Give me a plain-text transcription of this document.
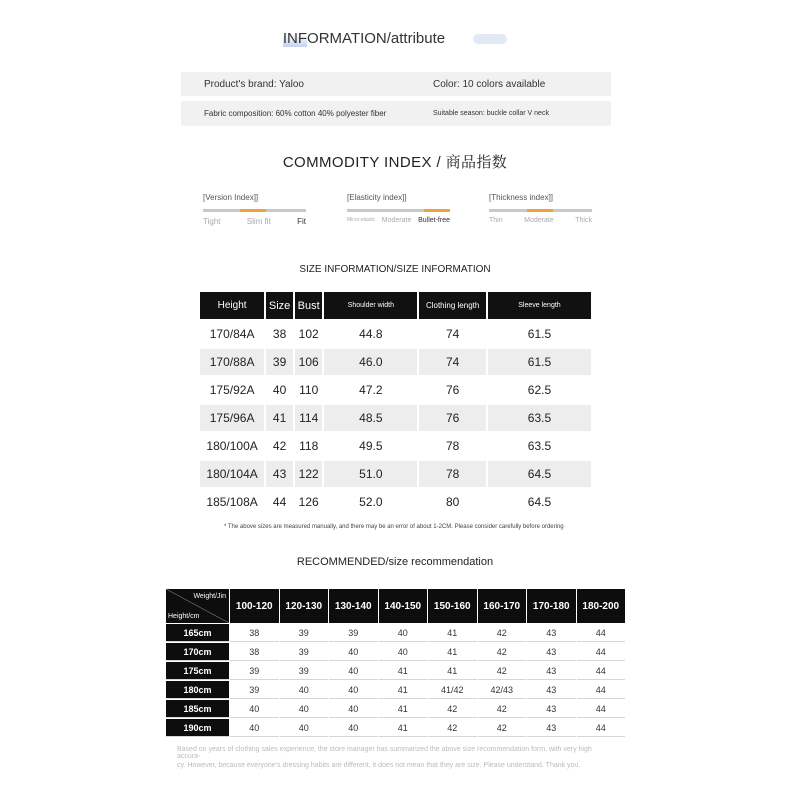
INFORMATION/attribute
Product's brand: Yaloo	Color: 10 colors available
Fabric composition: 60% cotton 40% polyester fiber	Suitable season: buckle collar V neck
COMMODITY INDEX / 商品指数
[Version Index]]
Tight	Slim fit	Fit
[Elasticity index]]
Micro-elastic Moderate Bullet-free
[Thickness index]]
Thin	Moderate	Thick
SIZE INFORMATION/SIZE INFORMATION
Height	Size	Bust	Shoulder width	Clothing length	Sleeve length
170/84A	38	102	44.8	74	61.5
170/88A	39	106	46.0	74	61.5
175/92A	40	110	47.2	76	62.5
175/96A	41	114	48.5	76	63.5
180/100A	42	118	49.5	78	63.5
180/104A	43	122	51.0	78	64.5
185/108A	44	126	52.0	80	64.5
* The above sizes are measured manually, and there may be an error of about 1-2CM. Please consider carefully before ordering
RECOMMENDED/size recommendation
Weight/Jin
Height/cm	100-120	120-130	130-140	140-150	150-160	160-170	170-180	180-200
165cm	38	39	39	40	41	42	43	44
170cm	38	39	40	40	41	42	43	44
175cm	39	39	40	41	41	42	43	44
180cm	39	40	40	41	41/42	42/43	43	44
185cm	40	40	40	41	42	42	43	44
190cm	40	40	40	41	42	42	43	44
Based on years of clothing sales experience, the store manager has summarized the above size recommendation form, with very high accura-
cy. However, because everyone's dressing habits are different, it does not mean that they are size. Please understand. Thank you.
